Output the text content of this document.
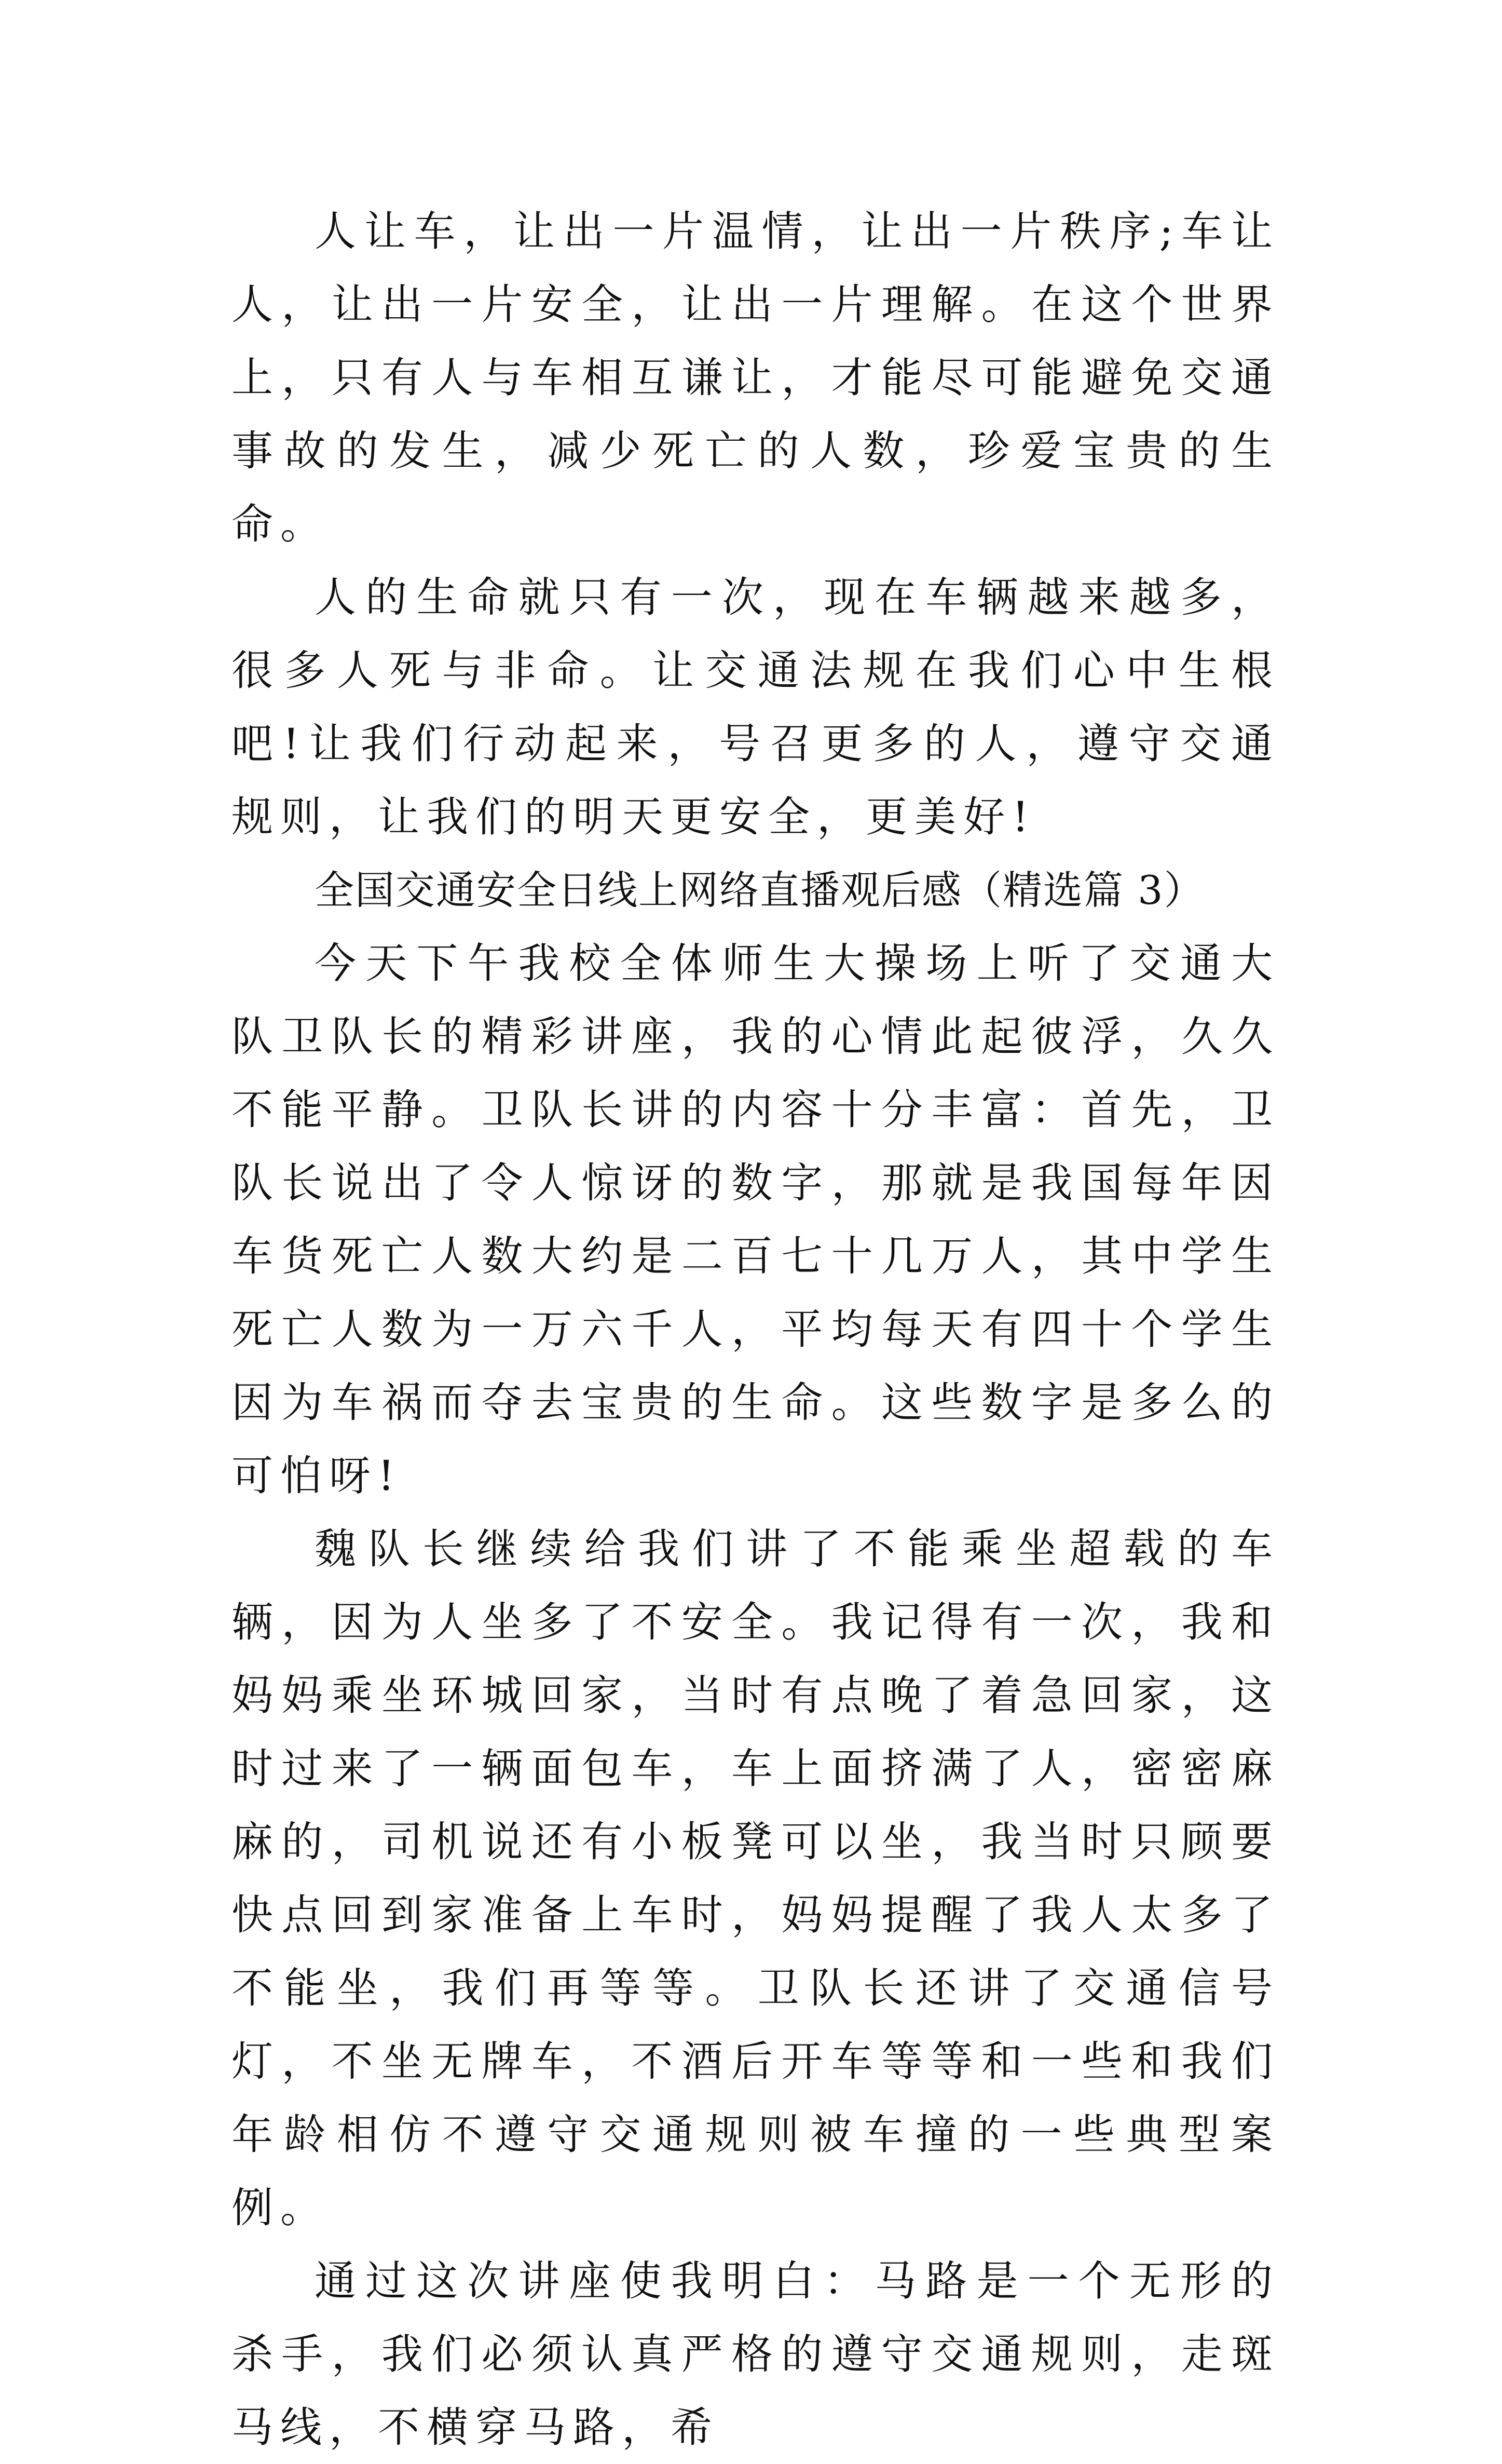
人让车，让出一片温情，让出一片秩序;车让人，让出一片安全，让出一片理解。在这个世界上，只有人与车相互谦让，才能尽可能避免交通事故的发生，减少死亡的人数，珍爱宝贵的生命。

人的生命就只有一次，现在车辆越来越多，很多人死与非命。让交通法规在我们心中生根吧!让我们行动起来，号召更多的人，遵守交通规则，让我们的明天更安全，更美好!

全国交通安全日线上网络直播观后感（精选篇 3）

今天下午我校全体师生大操场上听了交通大队卫队长的精彩讲座，我的心情此起彼浮，久久不能平静。卫队长讲的内容十分丰富：首先，卫队长说出了令人惊讶的数字，那就是我国每年因车货死亡人数大约是二百七十几万人，其中学生死亡人数为一万六千人，平均每天有四十个学生因为车祸而夺去宝贵的生命。这些数字是多么的可怕呀!

魏队长继续给我们讲了不能乘坐超载的车辆，因为人坐多了不安全。我记得有一次，我和妈妈乘坐环城回家，当时有点晚了着急回家，这时过来了一辆面包车，车上面挤满了人，密密麻麻的，司机说还有小板凳可以坐，我当时只顾要快点回到家准备上车时，妈妈提醒了我人太多了不能坐，我们再等等。卫队长还讲了交通信号灯，不坐无牌车，不酒后开车等等和一些和我们年龄相仿不遵守交通规则被车撞的一些典型案例。

通过这次讲座使我明白：马路是一个无形的杀手，我们必须认真严格的遵守交通规则，走斑马线，不横穿马路，希
